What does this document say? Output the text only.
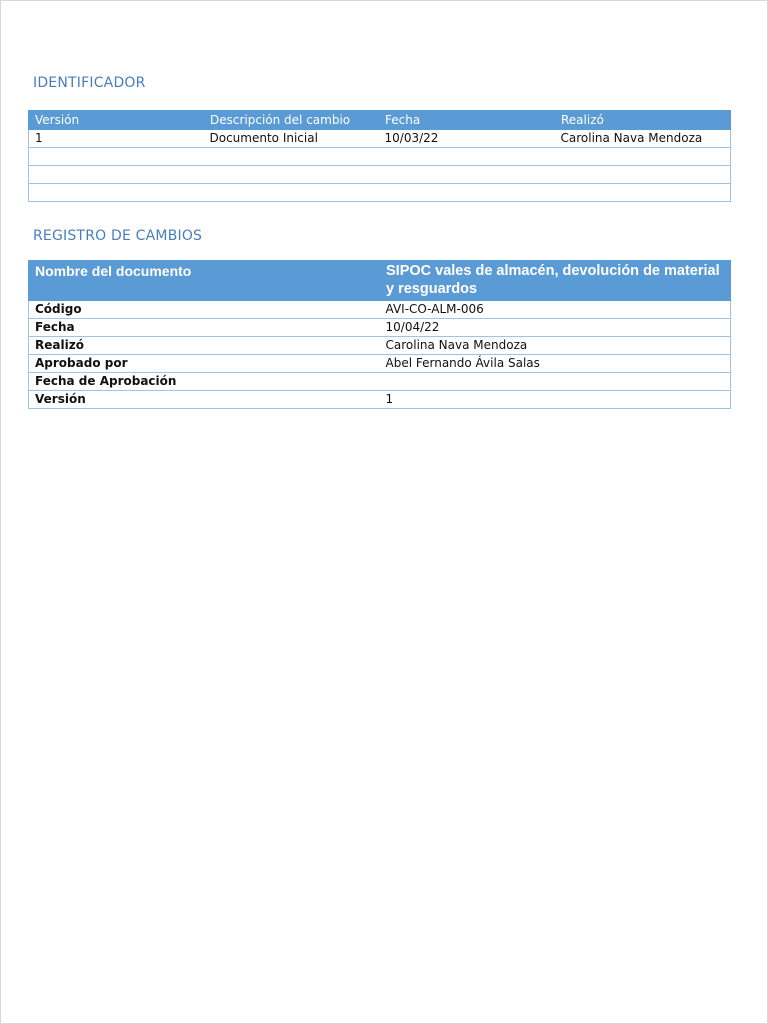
IDENTIFICADOR
Versión	Descripción del cambio	Fecha	Realizó
1	Documento Inicial	10/03/22	Carolina Nava Mendoza

REGISTRO DE CAMBIOS
Nombre del documento	SIPOC vales de almacén, devolución de material y resguardos
Código	AVI-CO-ALM-006
Fecha	10/04/22
Realizó	Carolina Nava Mendoza
Aprobado por	Abel Fernando Ávila Salas
Fecha de Aprobación	
Versión	1
